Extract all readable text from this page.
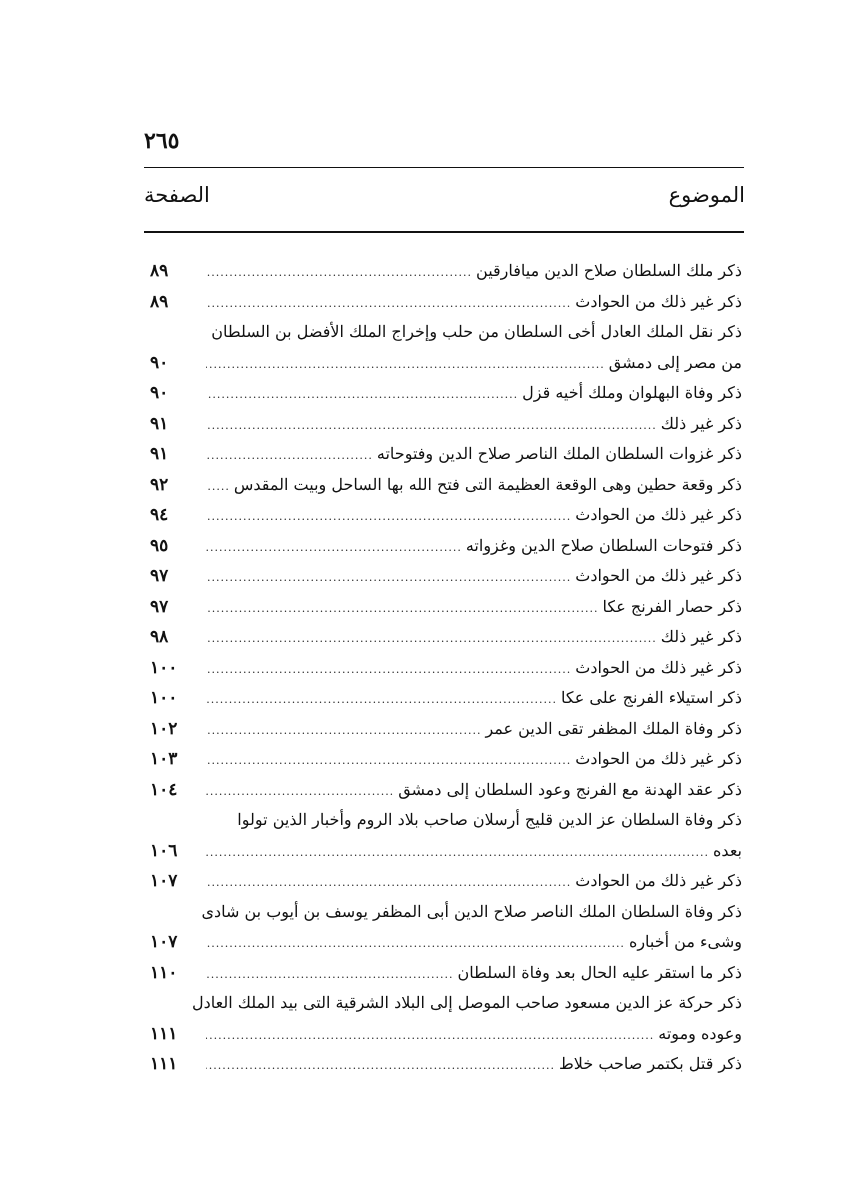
٢٦٥
الموضوع
الصفحة
ذكر ملك السلطان صلاح الدين ميافارقين
.....
٨٩
ذكر غير ذلك من الحوادث
.....
٨٩
ذكر نقل الملك العادل أخى السلطان من حلب وإخراج الملك الأفضل بن السلطان
من مصر إلى دمشق
.....
٩٠
ذكر وفاة البهلوان وملك أخيه قزل
.....
٩٠
ذكر غير ذلك
.....
٩١
ذكر غزوات السلطان الملك الناصر صلاح الدين وفتوحاته
.....
٩١
ذكر وقعة حطين وهى الوقعة العظيمة التى فتح الله بها الساحل وبيت المقدس
.....
٩٢
ذكر غير ذلك من الحوادث
.....
٩٤
ذكر فتوحات السلطان صلاح الدين وغزواته
.....
٩٥
ذكر غير ذلك من الحوادث
.....
٩٧
ذكر حصار الفرنج عكا
.....
٩٧
ذكر غير ذلك
.....
٩٨
ذكر غير ذلك من الحوادث
.....
١٠٠
ذكر استيلاء الفرنج على عكا
.....
١٠٠
ذكر وفاة الملك المظفر تقى الدين عمر
.....
١٠٢
ذكر غير ذلك من الحوادث
.....
١٠٣
ذكر عقد الهدنة مع الفرنج وعود السلطان إلى دمشق
.....
١٠٤
ذكر وفاة السلطان عز الدين قليج أرسلان صاحب بلاد الروم وأخبار الذين تولوا
بعده
.....
١٠٦
ذكر غير ذلك من الحوادث
.....
١٠٧
ذكر وفاة السلطان الملك الناصر صلاح الدين أبى المظفر يوسف بن أيوب بن شادى
وشىء من أخباره
.....
١٠٧
ذكر ما استقر عليه الحال بعد وفاة السلطان
.....
١١٠
ذكر حركة عز الدين مسعود صاحب الموصل إلى البلاد الشرقية التى بيد الملك العادل
وعوده وموته
.....
١١١
ذكر قتل بكتمر صاحب خلاط
.....
١١١
